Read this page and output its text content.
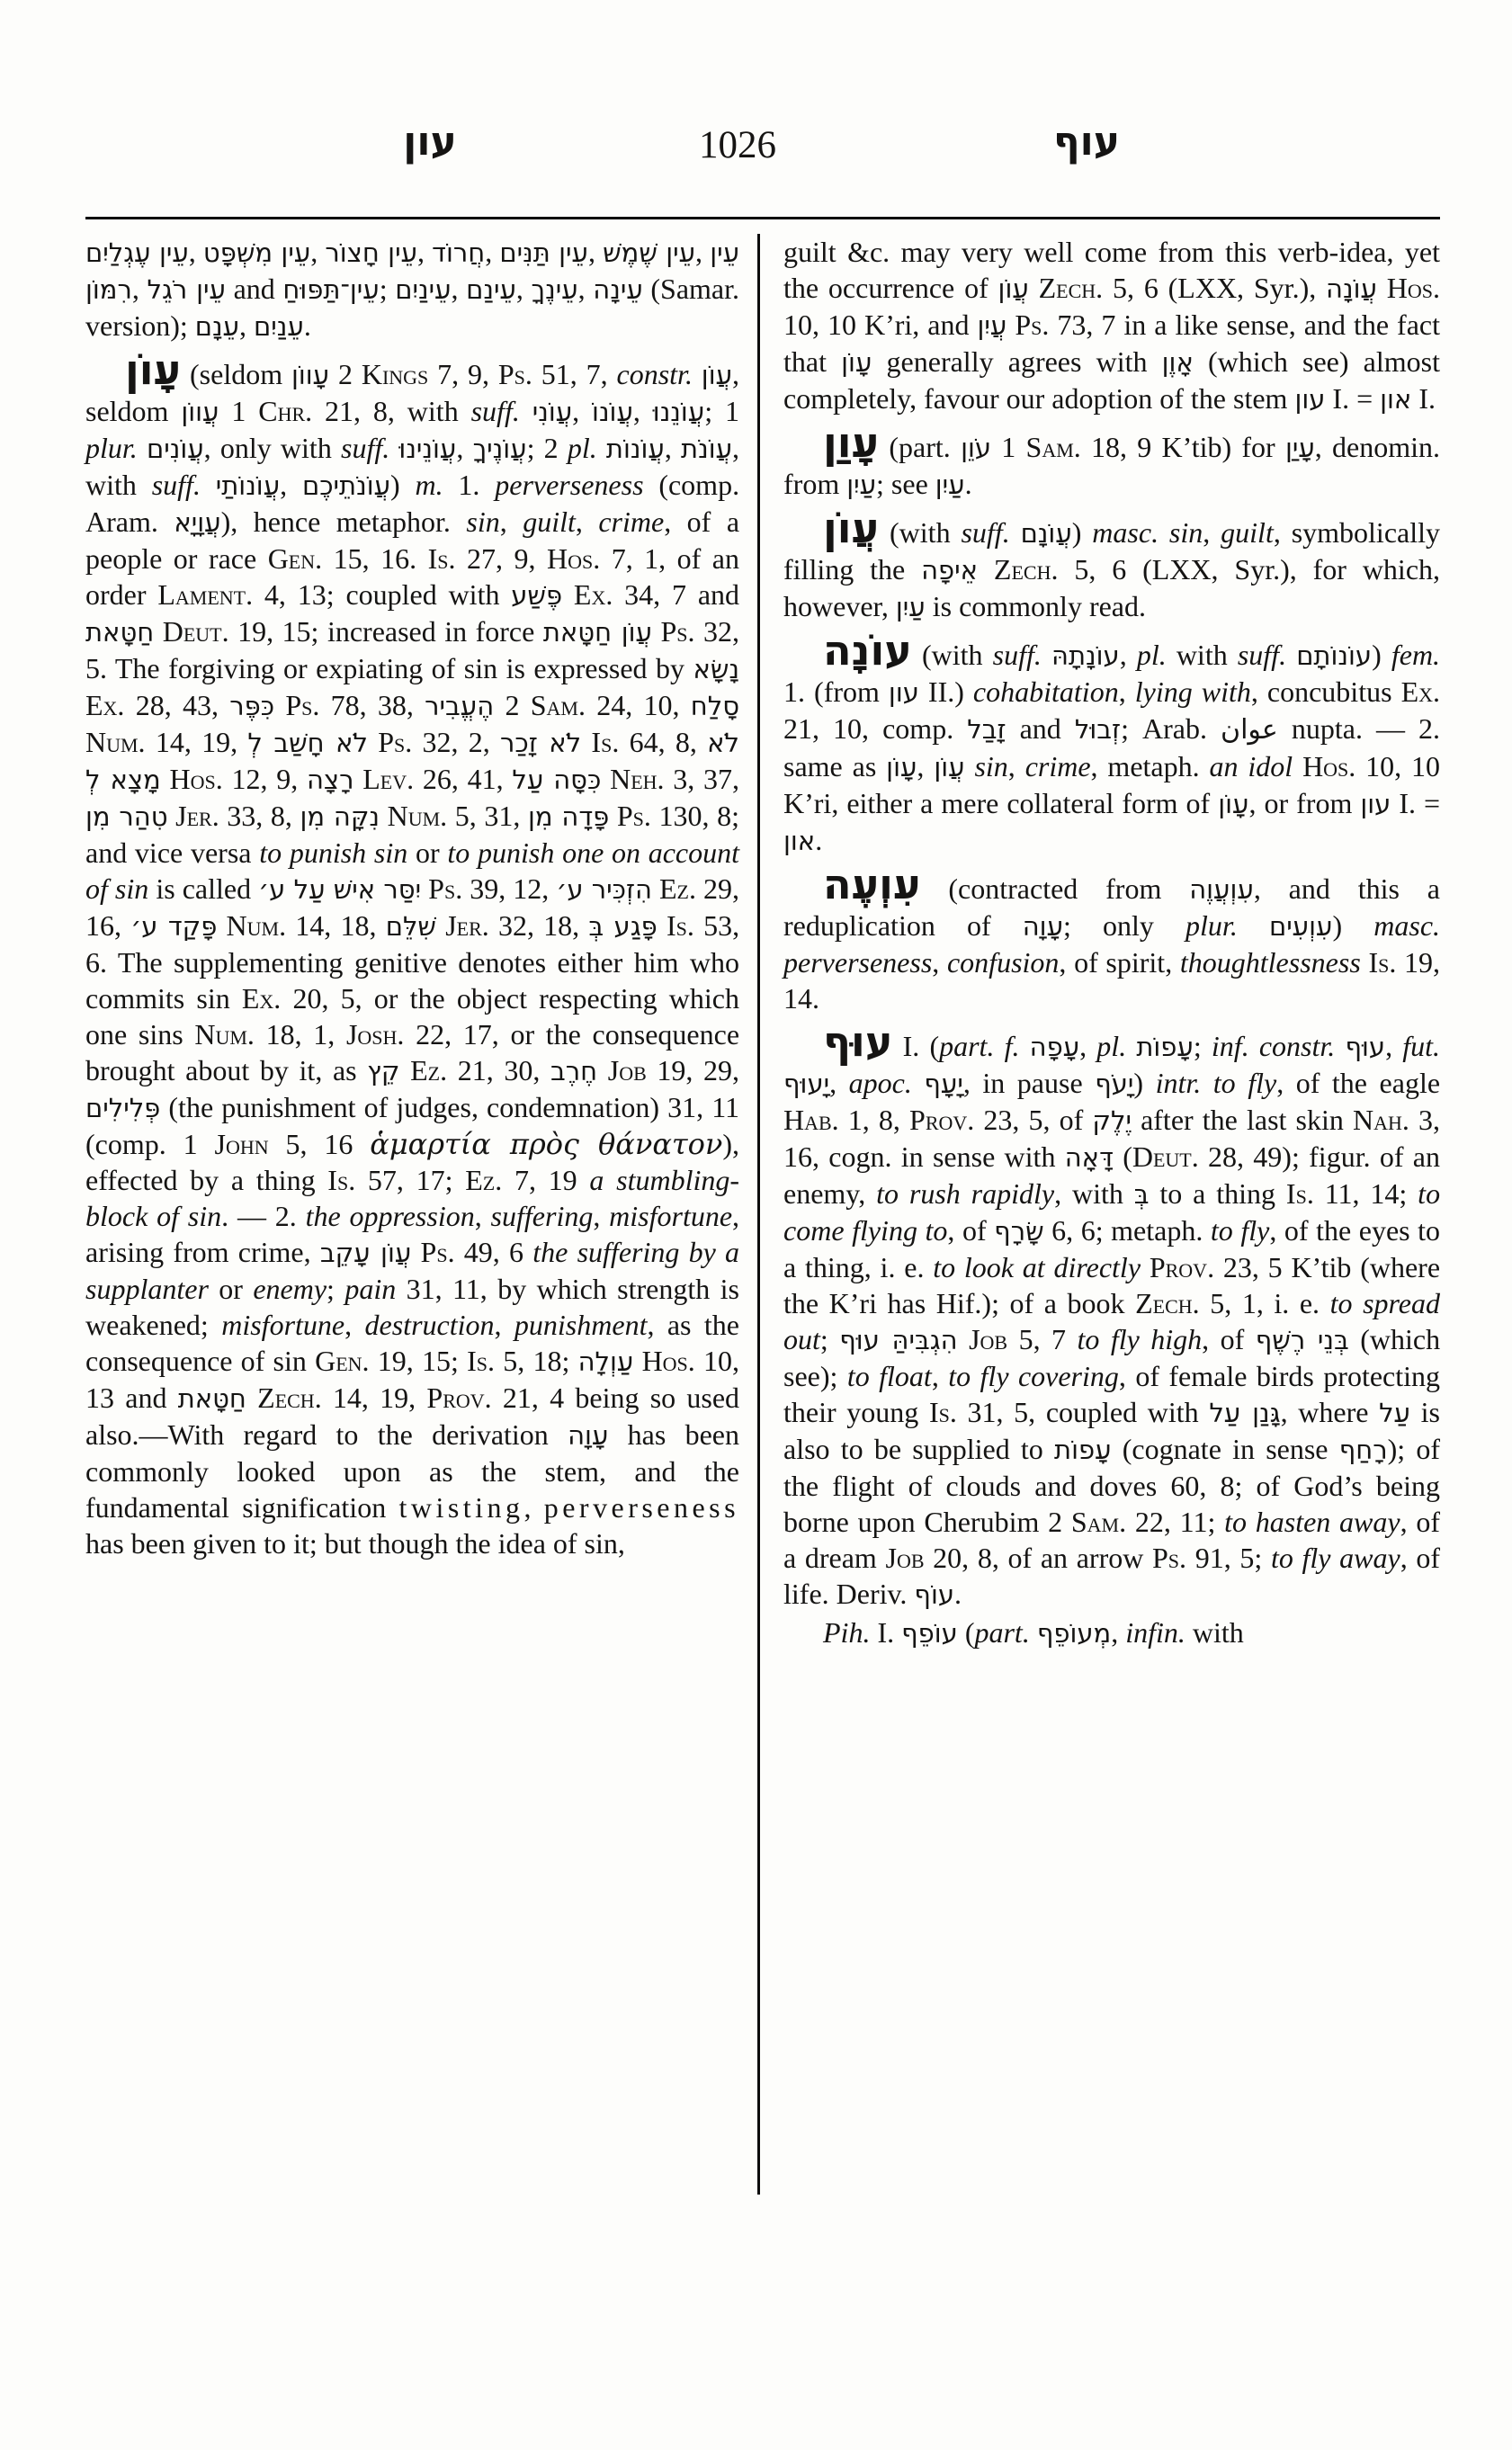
עון	1026	עוף

עֵין עֶגְלַיִם, עֵין מִשְׁפָּט, עֵין חָצוֹר, חֲרוֹד, עֵין תַּנִּים, עֵין שֶׁמֶשׁ, עֵין רִמּוֹן, עֵין רֹגֵל and עֵין־תַּפּוּחַ; עֵינַיִם, עֵינַם, עֵינֶךָ, עֵינָה (Samar. version); עֵנָם, עֵנַיִם.

עָוֹן (seldom עָווֹן 2 Kings 7, 9, Ps. 51, 7, constr. עֲוֹן, seldom עֲווֹן 1 Chr. 21, 8, with suff. עֲוֹנִי, עֲוֹנוֹ, עֲוֹנֵנוּ; 1 plur. עֲוֹנִים, only with suff. עֲוֹנֵינוּ, עֲוֹנֶיךָ; 2 pl. עֲוֹנוֹת, עֲוֹנֹת, with suff. עֲוֹנוֹתַי, עֲוֹנֹתֵיכֶם) m. 1. perverseness (comp. Aram. עֲוָיָא), hence metaphor. sin, guilt, crime, of a people or race Gen. 15, 16. Is. 27, 9, Hos. 7, 1, of an order Lament. 4, 13; coupled with פֶּשַׁע Ex. 34, 7 and חַטָּאת Deut. 19, 15; increased in force עֲוֹן חַטָּאת Ps. 32, 5. The forgiving or expiating of sin is expressed by נָשָׂא Ex. 28, 43, כִּפֶּר Ps. 78, 38, הֶעֱבִיר 2 Sam. 24, 10, סָלַח Num. 14, 19, לֹא חָשַׁב לְ Ps. 32, 2, לֹא זָכַר Is. 64, 8, לֹא מָצָא לְ Hos. 12, 9, רָצָה Lev. 26, 41, כִּסָּה עַל Neh. 3, 37, טִהַר מִן Jer. 33, 8, נִקָּה מִן Num. 5, 31, פָּדָה מִן Ps. 130, 8; and vice versa to punish sin or to punish one on account of sin is called יִסַּר אִישׁ עַל ע׳ Ps. 39, 12, הִזְכִּיר ע׳ Ez. 29, 16, פָּקַד ע׳ Num. 14, 18, שִׁלֵּם Jer. 32, 18, פָּגַע בְּ Is. 53, 6. The supplementing genitive denotes either him who commits sin Ex. 20, 5, or the object respecting which one sins Num. 18, 1, Josh. 22, 17, or the consequence brought about by it, as קֵץ Ez. 21, 30, חֶרֶב Job 19, 29, פְּלִילִים (the punishment of judges, condemnation) 31, 11 (comp. 1 John 5, 16 ἁμαρτία πρὸς θάνατον), effected by a thing Is. 57, 17; Ez. 7, 19 a stumbling-block of sin. — 2. the oppression, suffering, misfortune, arising from crime, עֲוֹן עָקֵב Ps. 49, 6 the suffering by a supplanter or enemy; pain 31, 11, by which strength is weakened; misfortune, destruction, punishment, as the consequence of sin Gen. 19, 15; Is. 5, 18; עַוְלָה Hos. 10, 13 and חַטָּאת Zech. 14, 19, Prov. 21, 4 being so used also.—With regard to the derivation עָוָה has been commonly looked upon as the stem, and the fundamental signification twisting, perverseness has been given to it; but though the idea of sin,

guilt &c. may very well come from this verb-idea, yet the occurrence of עֲוֹן Zech. 5, 6 (LXX, Syr.), עֲוֹנָה Hos. 10, 10 K’ri, and עֲיִן Ps. 73, 7 in a like sense, and the fact that עָוֹן generally agrees with אָוֶן (which see) almost completely, favour our adoption of the stem עון I. = און I.

עָוַן (part. עֹוֵן 1 Sam. 18, 9 K’tib) for עָיַן, denomin. from עַיִן; see עַיִן.

עֲוֹן (with suff. עֲוֹנָם) masc. sin, guilt, symbolically filling the אֵיפָה Zech. 5, 6 (LXX, Syr.), for which, however, עַיִן is commonly read.

עוֹנָה (with suff. עוֹנָתָהּ, pl. with suff. עוֹנוֹתָם) fem. 1. (from עון II.) cohabitation, lying with, concubitus Ex. 21, 10, comp. זָבַל and זְבוּל; Arab. عوان nupta. — 2. same as עָוֹן, עֲוֹן sin, crime, metaph. an idol Hos. 10, 10 K’ri, either a mere collateral form of עָוֹן, or from עון I. = און.

עִוְעֶה (contracted from עִוְעֲוֶה, and this a reduplication of עָוָה; only plur. עִוְעִים) masc. perverseness, confusion, of spirit, thoughtlessness Is. 19, 14.

עוּף I. (part. f. עָפָה, pl. עָפוֹת; inf. constr. עוּף, fut. יָעוּף, apoc. יָעָף, in pause יָעֹף) intr. to fly, of the eagle Hab. 1, 8, Prov. 23, 5, of יֶלֶק after the last skin Nah. 3, 16, cogn. in sense with דָּאָה (Deut. 28, 49); figur. of an enemy, to rush rapidly, with בְּ to a thing Is. 11, 14; to come flying to, of שָׂרָף 6, 6; metaph. to fly, of the eyes to a thing, i. e. to look at directly Prov. 23, 5 K’tib (where the K’ri has Hif.); of a book Zech. 5, 1, i. e. to spread out; הִגְבִּיהַּ עוּף Job 5, 7 to fly high, of בְּנֵי רֶשֶׁף (which see); to float, to fly covering, of female birds protecting their young Is. 31, 5, coupled with גָּנַן עַל, where עַל is also to be supplied to עָפוֹת (cognate in sense רָחַף); of the flight of clouds and doves 60, 8; of God’s being borne upon Cherubim 2 Sam. 22, 11; to hasten away, of a dream Job 20, 8, of an arrow Ps. 91, 5; to fly away, of life. Deriv. עוֹף.

Pih. I. עוֹפֵף (part. מְעוֹפֵף, infin. with
